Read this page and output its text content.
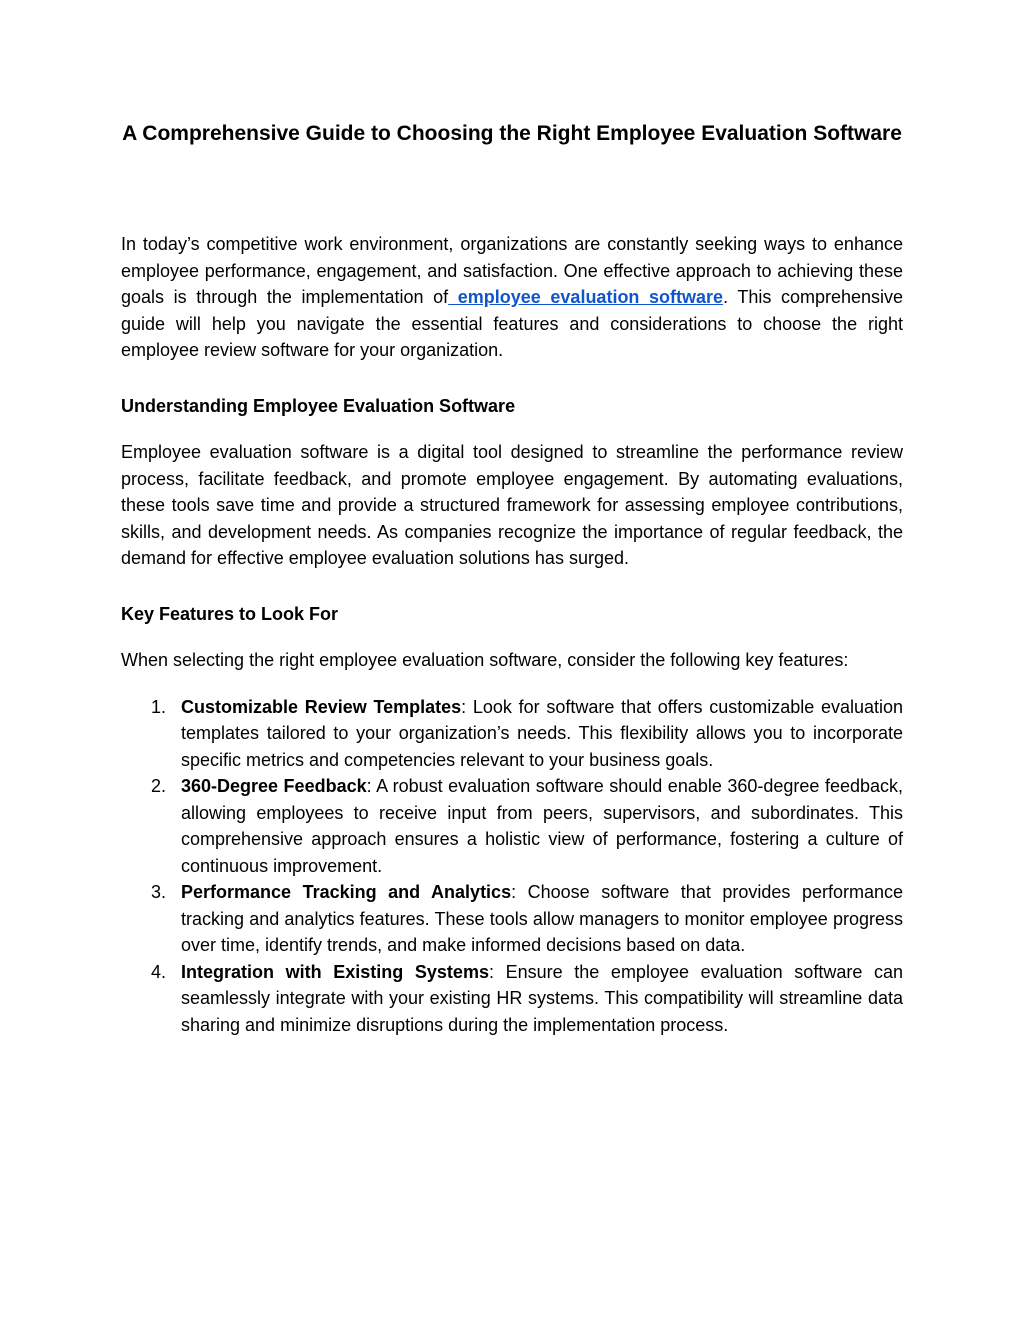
A Comprehensive Guide to Choosing the Right Employee Evaluation Software

In today’s competitive work environment, organizations are constantly seeking ways to enhance employee performance, engagement, and satisfaction. One effective approach to achieving these goals is through the implementation of employee evaluation software. This comprehensive guide will help you navigate the essential features and considerations to choose the right employee review software for your organization.

Understanding Employee Evaluation Software

Employee evaluation software is a digital tool designed to streamline the performance review process, facilitate feedback, and promote employee engagement. By automating evaluations, these tools save time and provide a structured framework for assessing employee contributions, skills, and development needs. As companies recognize the importance of regular feedback, the demand for effective employee evaluation solutions has surged.

Key Features to Look For

When selecting the right employee evaluation software, consider the following key features:

1. Customizable Review Templates: Look for software that offers customizable evaluation templates tailored to your organization’s needs. This flexibility allows you to incorporate specific metrics and competencies relevant to your business goals.
2. 360-Degree Feedback: A robust evaluation software should enable 360-degree feedback, allowing employees to receive input from peers, supervisors, and subordinates. This comprehensive approach ensures a holistic view of performance, fostering a culture of continuous improvement.
3. Performance Tracking and Analytics: Choose software that provides performance tracking and analytics features. These tools allow managers to monitor employee progress over time, identify trends, and make informed decisions based on data.
4. Integration with Existing Systems: Ensure the employee evaluation software can seamlessly integrate with your existing HR systems. This compatibility will streamline data sharing and minimize disruptions during the implementation process.
